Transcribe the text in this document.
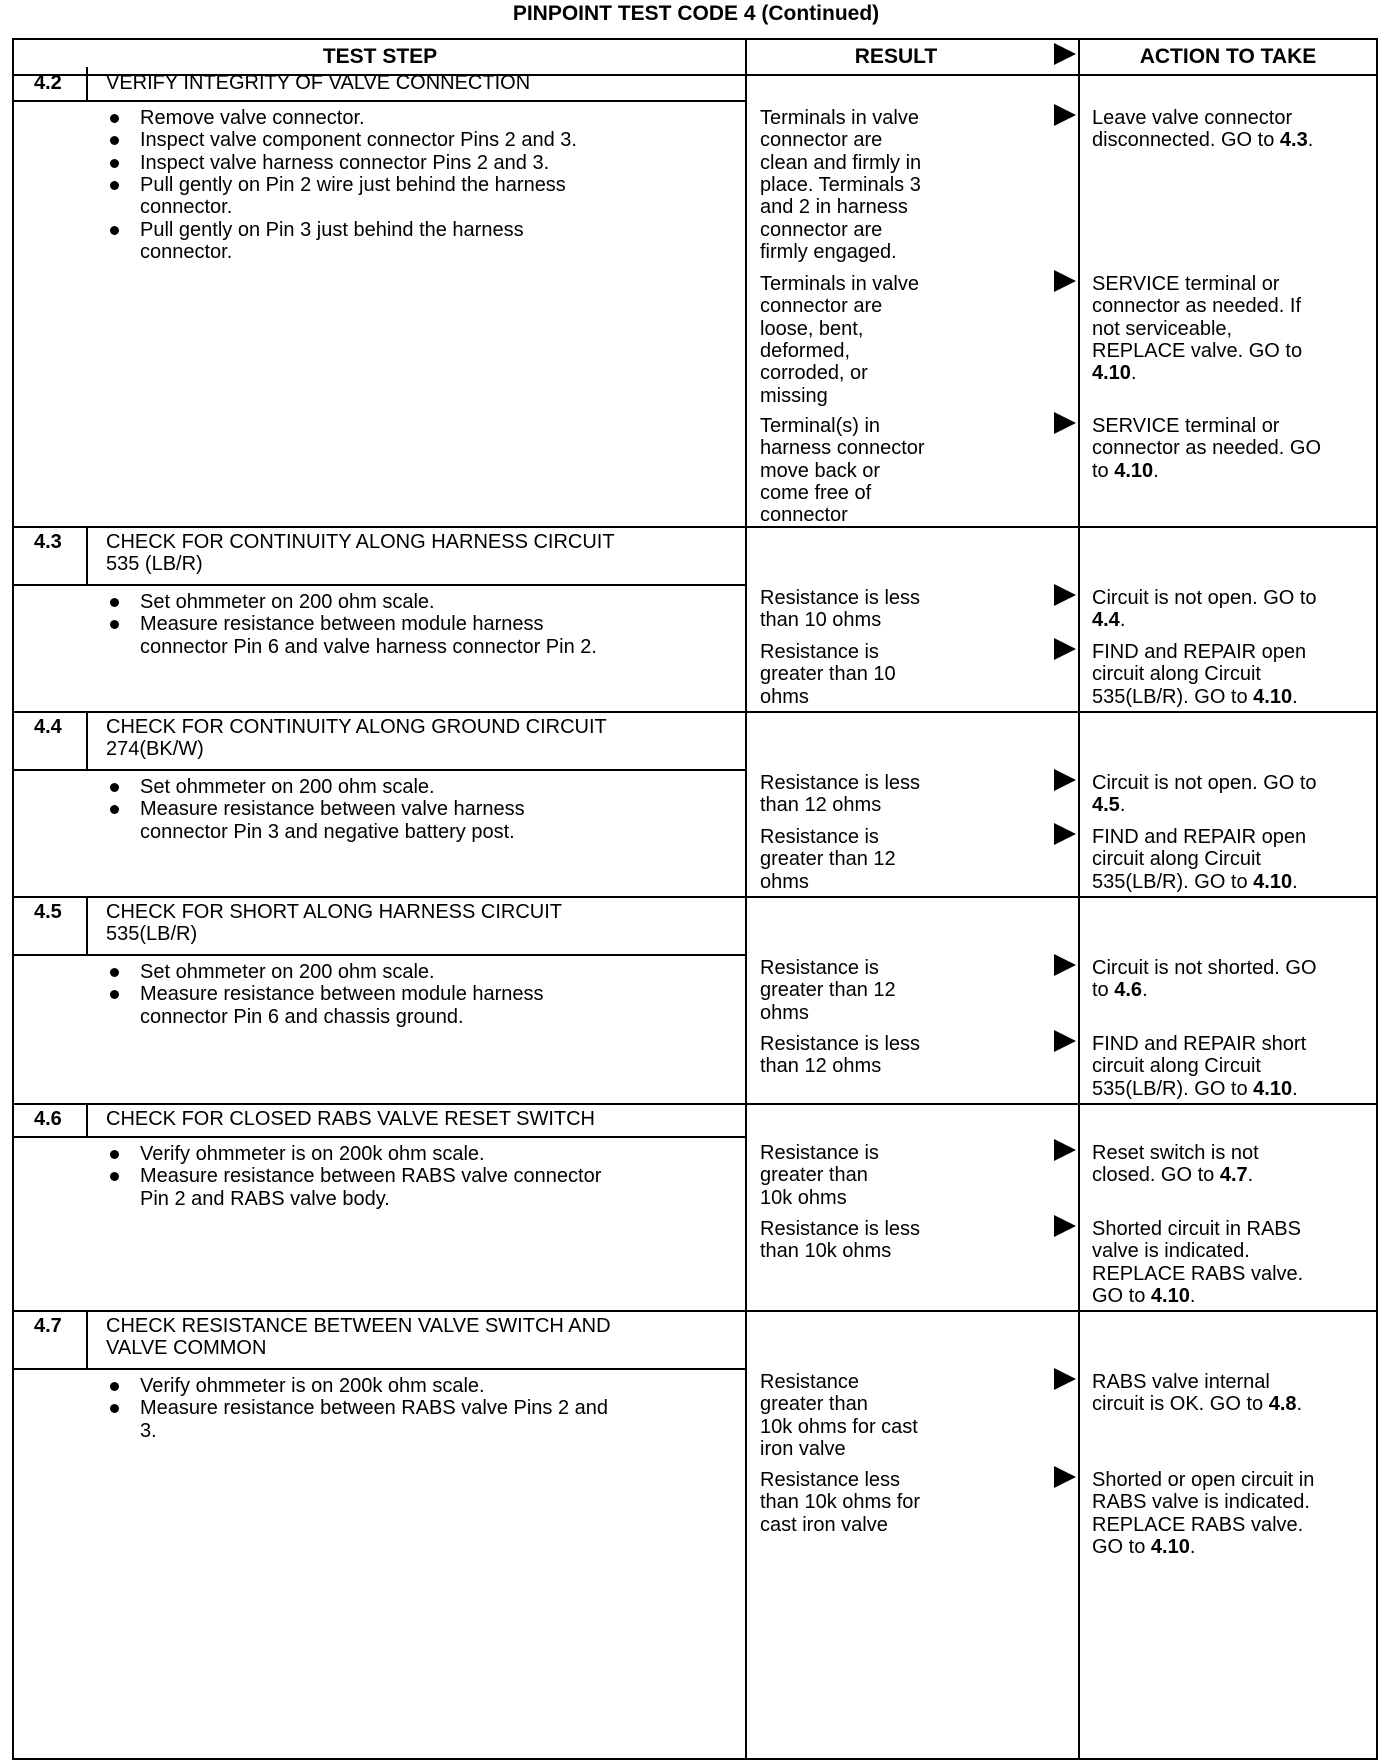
PINPOINT TEST CODE 4 (Continued)
TEST STEP	RESULT	ACTION TO TAKE
4.2 VERIFY INTEGRITY OF VALVE CONNECTION
Remove valve connector.
Inspect valve component connector Pins 2 and 3.
Inspect valve harness connector Pins 2 and 3.
Pull gently on Pin 2 wire just behind the harness
connector.
Pull gently on Pin 3 just behind the harness
connector.
Terminals in valve
connector are
clean and firmly in
place. Terminals 3
and 2 in harness
connector are
firmly engaged.
Leave valve connector
disconnected. GO to 4.3.
Terminals in valve
connector are
loose, bent,
deformed,
corroded, or
missing
SERVICE terminal or
connector as needed. If
not serviceable,
REPLACE valve. GO to
4.10.
Terminal(s) in
harness connector
move back or
come free of
connector
SERVICE terminal or
connector as needed. GO
to 4.10.
4.3 CHECK FOR CONTINUITY ALONG HARNESS CIRCUIT
535 (LB/R)
Set ohmmeter on 200 ohm scale.
Measure resistance between module harness
connector Pin 6 and valve harness connector Pin 2.
Resistance is less
than 10 ohms
Circuit is not open. GO to
4.4.
Resistance is
greater than 10
ohms
FIND and REPAIR open
circuit along Circuit
535(LB/R). GO to 4.10.
4.4 CHECK FOR CONTINUITY ALONG GROUND CIRCUIT
274(BK/W)
Set ohmmeter on 200 ohm scale.
Measure resistance between valve harness
connector Pin 3 and negative battery post.
Resistance is less
than 12 ohms
Circuit is not open. GO to
4.5.
Resistance is
greater than 12
ohms
FIND and REPAIR open
circuit along Circuit
535(LB/R). GO to 4.10.
4.5 CHECK FOR SHORT ALONG HARNESS CIRCUIT
535(LB/R)
Set ohmmeter on 200 ohm scale.
Measure resistance between module harness
connector Pin 6 and chassis ground.
Resistance is
greater than 12
ohms
Circuit is not shorted. GO
to 4.6.
Resistance is less
than 12 ohms
FIND and REPAIR short
circuit along Circuit
535(LB/R). GO to 4.10.
4.6 CHECK FOR CLOSED RABS VALVE RESET SWITCH
Verify ohmmeter is on 200k ohm scale.
Measure resistance between RABS valve connector
Pin 2 and RABS valve body.
Resistance is
greater than
10k ohms
Reset switch is not
closed. GO to 4.7.
Resistance is less
than 10k ohms
Shorted circuit in RABS
valve is indicated.
REPLACE RABS valve.
GO to 4.10.
4.7 CHECK RESISTANCE BETWEEN VALVE SWITCH AND
VALVE COMMON
Verify ohmmeter is on 200k ohm scale.
Measure resistance between RABS valve Pins 2 and
3.
Resistance
greater than
10k ohms for cast
iron valve
RABS valve internal
circuit is OK. GO to 4.8.
Resistance less
than 10k ohms for
cast iron valve
Shorted or open circuit in
RABS valve is indicated.
REPLACE RABS valve.
GO to 4.10.
